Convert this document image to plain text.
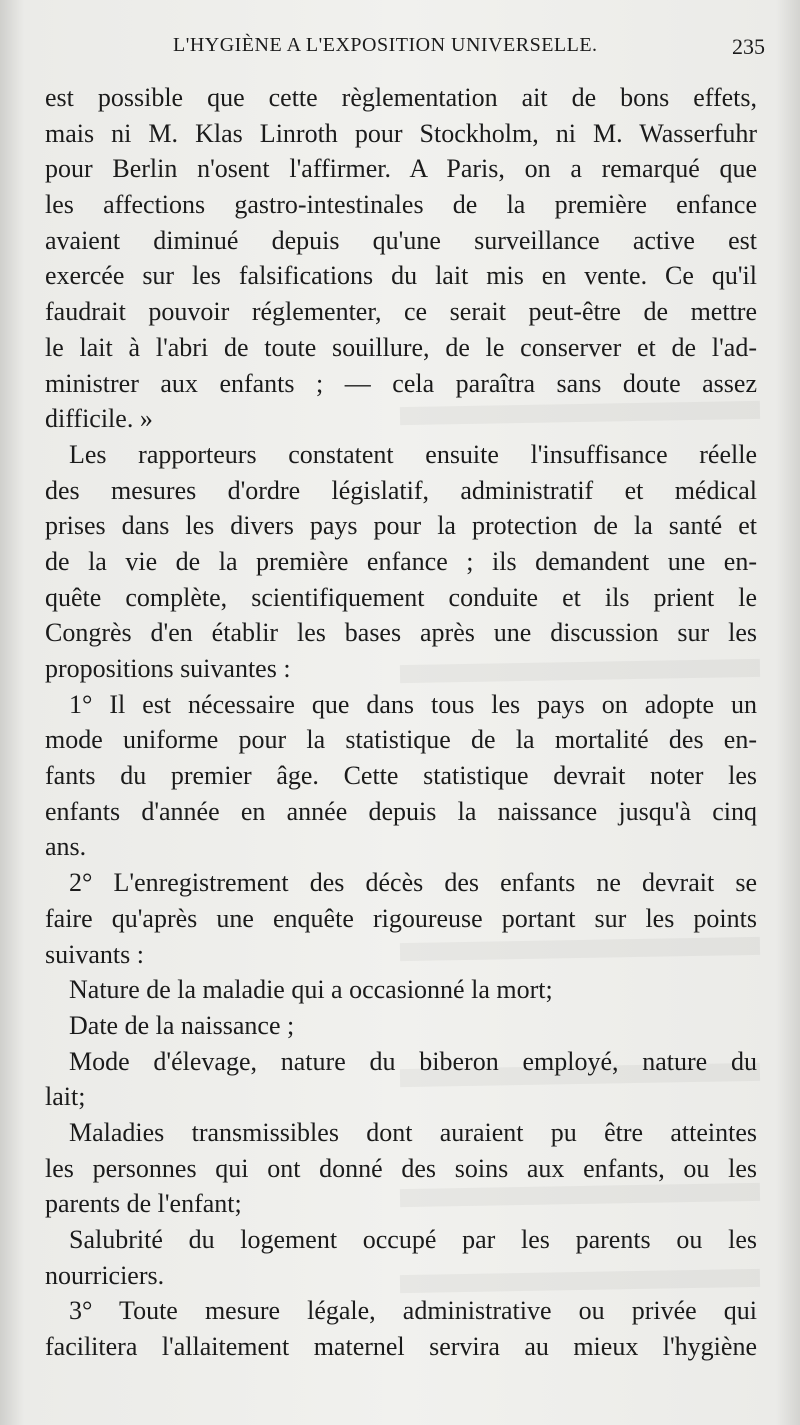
L'HYGIÈNE A L'EXPOSITION UNIVERSELLE.	235
est possible que cette règlementation ait de bons effets,
mais ni M. Klas Linroth pour Stockholm, ni M. Wasserfuhr
pour Berlin n'osent l'affirmer. A Paris, on a remarqué que
les affections gastro-intestinales de la première enfance
avaient diminué depuis qu'une surveillance active est
exercée sur les falsifications du lait mis en vente. Ce qu'il
faudrait pouvoir réglementer, ce serait peut-être de mettre
le lait à l'abri de toute souillure, de le conserver et de l'ad-
ministrer aux enfants ; — cela paraîtra sans doute assez
difficile. »
Les rapporteurs constatent ensuite l'insuffisance réelle
des mesures d'ordre législatif, administratif et médical
prises dans les divers pays pour la protection de la santé et
de la vie de la première enfance ; ils demandent une en-
quête complète, scientifiquement conduite et ils prient le
Congrès d'en établir les bases après une discussion sur les
propositions suivantes :
1° Il est nécessaire que dans tous les pays on adopte un
mode uniforme pour la statistique de la mortalité des en-
fants du premier âge. Cette statistique devrait noter les
enfants d'année en année depuis la naissance jusqu'à cinq
ans.
2° L'enregistrement des décès des enfants ne devrait se
faire qu'après une enquête rigoureuse portant sur les points
suivants :
Nature de la maladie qui a occasionné la mort;
Date de la naissance ;
Mode d'élevage, nature du biberon employé, nature du
lait;
Maladies transmissibles dont auraient pu être atteintes
les personnes qui ont donné des soins aux enfants, ou les
parents de l'enfant;
Salubrité du logement occupé par les parents ou les
nourriciers.
3° Toute mesure légale, administrative ou privée qui
facilitera l'allaitement maternel servira au mieux l'hygiène
